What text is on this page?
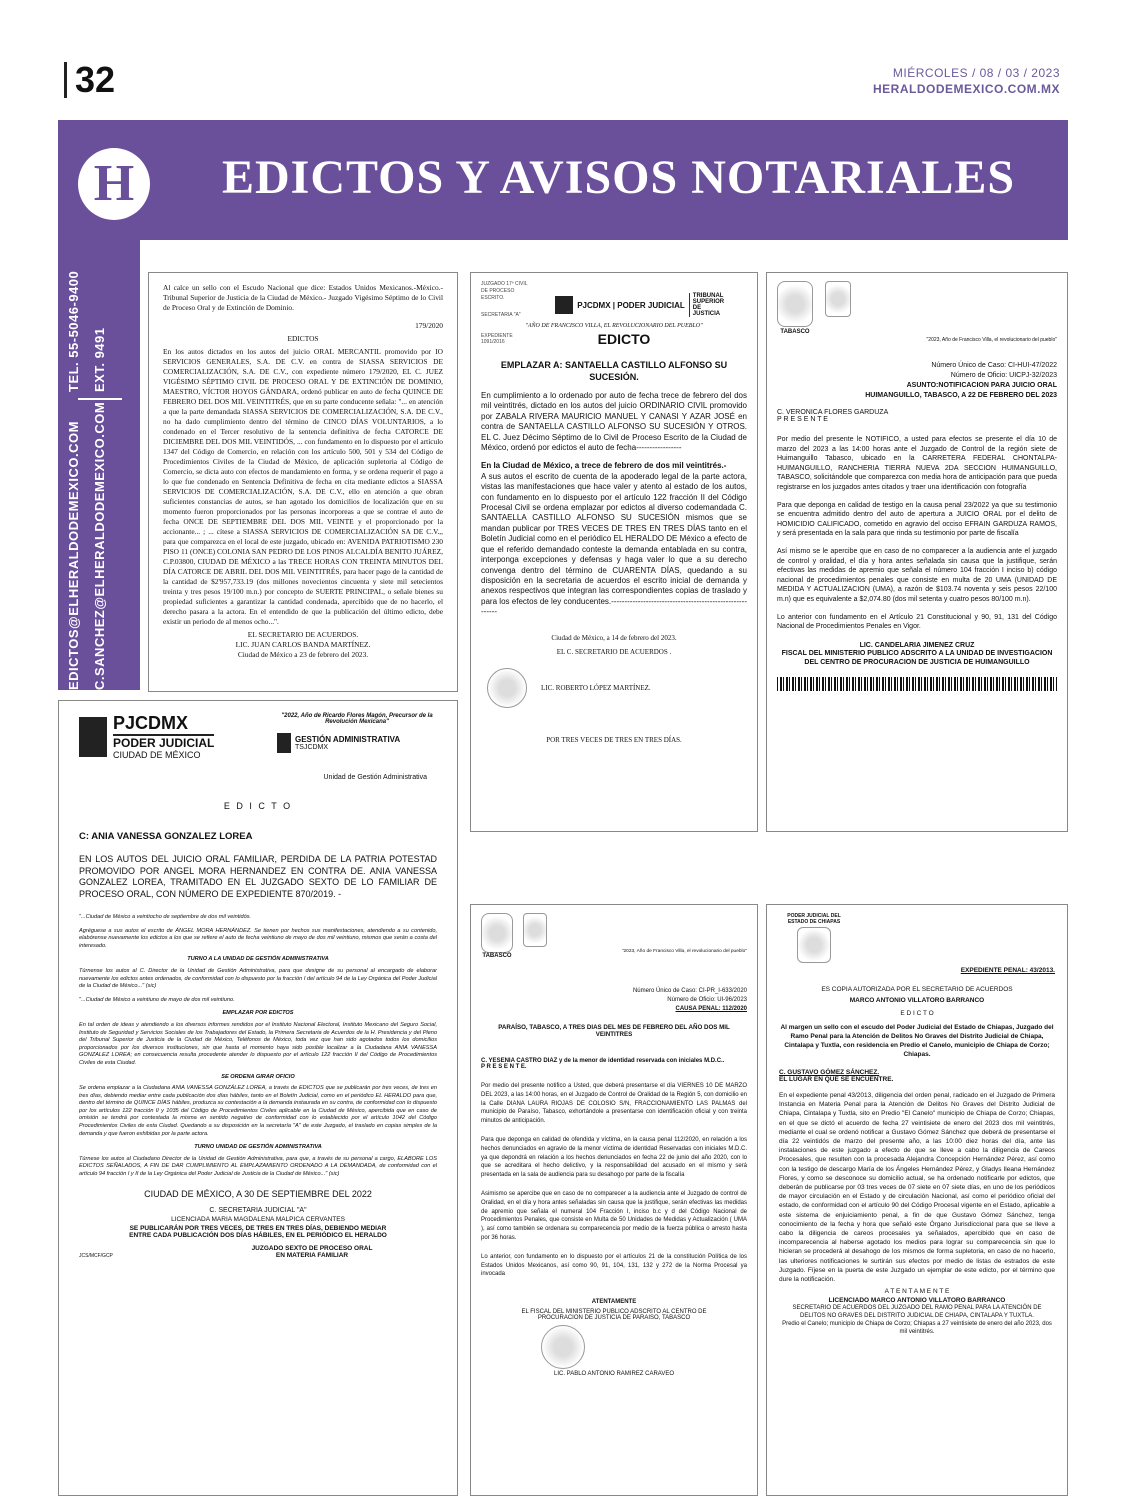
32	MIÉRCOLES / 08 / 03 / 2023
HERALDODEMEXICO.COM.MX
H	EDICTOS Y AVISOS NOTARIALES
EDICTOS@ELHERALDODEMEXICO.COM C.SANCHEZ@ELHERALDODEMEXICO.COM
TEL. 55-5046-9400 EXT. 9491
Al calce un sello con el Escudo Nacional que dice: Estados Unidos Mexicanos.-México.-Tribunal Superior de Justicia de la Ciudad de México.- Juzgado Vigésimo Séptimo de lo Civil de Proceso Oral y de Extinción de Dominio.
179/2020
EDICTOS
En los autos dictados en los autos del juicio ORAL MERCANTIL promovido por IO SERVICIOS GENERALES, S.A. DE C.V. en contra de SIASSA SERVICIOS DE COMERCIALIZACIÓN, S.A. DE C.V., con expediente número 179/2020, EL C. JUEZ VIGÉSIMO SÉPTIMO CIVIL DE PROCESO ORAL Y DE EXTINCIÓN DE DOMINIO, MAESTRO, VÍCTOR HOYOS GÁNDARA, ordenó publicar en auto de fecha QUINCE DE FEBRERO DEL DOS MIL VEINTITRÉS, que en su parte conducente señala: "... en atención a que la parte demandada SIASSA SERVICIOS DE COMERCIALIZACIÓN, S.A. DE C.V., no ha dado cumplimiento dentro del término de CINCO DÍAS VOLUNTARIOS, a lo condenado en el Tercer resolutivo de la sentencia definitiva de fecha CATORCE DE DICIEMBRE DEL DOS MIL VEINTIDÓS, ... con fundamento en lo dispuesto por el artículo 1347 del Código de Comercio, en relación con los artículo 500, 501 y 534 del Código de Procedimientos Civiles de la Ciudad de México, de aplicación supletoria al Código de Comercio, se dicta auto con efectos de mandamiento en forma, y se ordena requerir el pago a lo que fue condenado en Sentencia Definitiva de fecha en cita mediante edictos a SIASSA SERVICIOS DE COMERCIALIZACIÓN, S.A. DE C.V., ello en atención a que obran suficientes constancias de autos, se han agotado los domicilios de localización que en su momento fueron proporcionados por las personas incorporeas a que se contrae el auto de fecha ONCE DE SEPTIEMBRE DEL DOS MIL VEINTE y el proporcionado por la accionante... ; ... cítese a SIASSA SERVICIOS DE COMERCIALIZACIÓN SA DE C.V.,, para que comparezca en el local de este juzgado, ubicado en: AVENIDA PATRIOTISMO 230 PISO 11 (ONCE) COLONIA SAN PEDRO DE LOS PINOS ALCALDÍA BENITO JUÁREZ, C.P.03800, CIUDAD DE MÉXICO a las TRECE HORAS CON TREINTA MINUTOS DEL DÍA CATORCE DE ABRIL DEL DOS MIL VEINTITRÉS, para hacer pago de la cantidad de la cantidad de $2'957,733.19 (dos millones novecientos cincuenta y siete mil setecientos treinta y tres pesos 19/100 m.n.) por concepto de SUERTE PRINCIPAL, o señale bienes su propiedad suficientes a garantizar la cantidad condenada, apercibido que de no hacerlo, el derecho pasara a la actora. En el entendido de que la publicación del último edicto, debe existir un periodo de al menos ocho...".
EL SECRETARIO DE ACUERDOS.
LIC. JUAN CARLOS BANDA MARTÍNEZ.
Ciudad de México a 23 de febrero del 2023.
JUZGADO 17º CIVIL DE PROCESO ESCRITO.
SECRETARIA "A"
PJCDMX | PODER JUDICIAL
TRIBUNAL SUPERIOR DE JUSTICIA
"AÑO DE FRANCISCO VILLA, EL REVOLUCIONARIO DEL PUEBLO"
EXPEDIENTE 1091/2016	EDICTO
EMPLAZAR A: SANTAELLA CASTILLO ALFONSO SU SUCESIÓN.
En cumplimiento a lo ordenado por auto de fecha trece de febrero del dos mil veintitrés, dictado en los autos del juicio ORDINARIO CIVIL promovido por ZABALA RIVERA MAURICIO MANUEL Y CANASI Y AZAR JOSÉ en contra de SANTAELLA CASTILLO ALFONSO SU SUCESIÓN Y OTROS. EL C. Juez Décimo Séptimo de lo Civil de Proceso Escrito de la Ciudad de México, ordenó por edictos el auto de fecha-----------------
En la Ciudad de México, a trece de febrero de dos mil veintitrés.-
A sus autos el escrito de cuenta de la apoderado legal de la parte actora, vistas las manifestaciones que hace valer y atento al estado de los autos, con fundamento en lo dispuesto por el artículo 122 fracción II del Código Procesal Civil se ordena emplazar por edictos al diverso codemandada C. SANTAELLA CASTILLO ALFONSO SU SUCESIÓN mismos que se mandan publicar por TRES VECES DE TRES EN TRES DÍAS tanto en el Boletín Judicial como en el periódico EL HERALDO DE México a efecto de que el referido demandado conteste la demanda entablada en su contra, interponga excepciones y defensas y haga valer lo que a su derecho convenga dentro del término de CUARENTA DÍAS, quedando a su disposición en la secretaria de acuerdos el escrito inicial de demanda y anexos respectivos que integran las correspondientes copias de traslado y para los efectos de ley conducentes.---------------------------------------------------------
Ciudad de México, a 14 de febrero del 2023.
EL C. SECRETARIO DE ACUERDOS .
LIC. ROBERTO LÓPEZ MARTÍNEZ.
POR TRES VECES DE TRES EN TRES DÍAS.
TABASCO
"2023, Año de Francisco Villa, el revolucionario del pueblo"
Número Único de Caso: CI-HUI-47/2022
Número de Oficio: UICPJ-32/2023
ASUNTO:NOTIFICACION PARA JUICIO ORAL
HUIMANGUILLO, TABASCO, A 22 DE FEBRERO DEL 2023
C. VERONICA FLORES GARDUZA
P R E S E N T E
Por medio del presente le NOTIFICO, a usted para efectos se presente el día 10 de marzo del 2023 a las 14:00 horas ante el Juzgado de Control de la región siete de Huimanguillo Tabasco, ubicado en la CARRETERA FEDERAL CHONTALPA-HUIMANGUILLO, RANCHERIA TIERRA NUEVA 2DA SECCION HUIMANGUILLO, TABASCO, solicitándole que comparezca con media hora de anticipación para que pueda registrarse en los juzgados antes citados y traer una identificación con fotografía
Para que deponga en calidad de testigo en la causa penal 23/2022 ya que su testimonio se encuentra admitido dentro del auto de apertura a JUICIO ORAL por el delito de HOMICIDIO CALIFICADO, cometido en agravio del occiso EFRAIN GARDUZA RAMOS, y será presentada en la sala para que rinda su testimonio por parte de fiscalía
Así mismo se le apercibe que en caso de no comparecer a la audiencia ante el juzgado de control y oralidad, el día y hora antes señalada sin causa que la justifique, serán efectivas las medidas de apremio que señala el número 104 fracción I inciso b) código nacional de procedimientos penales que consiste en multa de 20 UMA (UNIDAD DE MEDIDA Y ACTUALIZACION (UMA), a razón de $103.74 noventa y seis pesos 22/100 m.n) que es equivalente a $2,074.80 (dos mil setenta y cuatro pesos 80/100 m.n).
Lo anterior con fundamento en el Artículo 21 Constitucional y 90, 91, 131 del Código Nacional de Procedimientos Penales en Vigor.
LIC. CANDELARIA JIMENEZ CRUZ
FISCAL DEL MINISTERIO PUBLICO ADSCRITO A LA UNIDAD DE INVESTIGACION DEL CENTRO DE PROCURACION DE JUSTICIA DE HUIMANGUILLO
PJCDMX
PODER JUDICIAL
CIUDAD DE MÉXICO
"2022, Año de Ricardo Flores Magón, Precursor de la Revolución Mexicana"
GESTIÓN ADMINISTRATIVA
TSJCDMX
Unidad de Gestión Administrativa
E D I C T O
C: ANIA VANESSA GONZALEZ LOREA
EN LOS AUTOS DEL JUICIO ORAL FAMILIAR, PERDIDA DE LA PATRIA POTESTAD PROMOVIDO POR ANGEL MORA HERNANDEZ EN CONTRA DE. ANIA VANESSA GONZALEZ LOREA, TRAMITADO EN EL JUZGADO SEXTO DE LO FAMILIAR DE PROCESO ORAL, CON NÚMERO DE EXPEDIENTE 870/2019. -
"...Ciudad de México a veintiocho de septiembre de dos mil veintidós.
Agréguese a sus autos el escrito de ÁNGEL MORA HERNÁNDEZ. Se tienen por hechos sus manifestaciones, atendiendo a su contenido, elabórense nuevamente los edictos a los que se refiere el auto de fecha veintiuno de mayo de dos mil veintiuno, mismos que serán a costa del interesado.
TURNO A LA UNIDAD DE GESTIÓN ADMINISTRATIVA
Túrnense los autos al C. Director de la Unidad de Gestión Administrativa, para que designe de su personal al encargado de elaborar nuevamente los edictos antes ordenados, de conformidad con lo dispuesto por la fracción I del artículo 94 de la Ley Orgánica del Poder Judicial de la Ciudad de México..." (sic)
"...Ciudad de México a veintiuno de mayo de dos mil veintiuno.
EMPLAZAR POR EDICTOS
En tal orden de ideas y atendiendo a los diversos informes rendidos por el Instituto Nacional Electoral, Instituto Mexicano del Seguro Social, Instituto de Seguridad y Servicios Sociales de los Trabajadores del Estado, la Primera Secretaria de Acuerdos de la H. Presidencia y del Pleno del Tribunal Superior de Justicia de la Ciudad de México, Teléfonos de México, toda vez que han sido agotados todos los domicilios proporcionados por los diversos instituciones, sin que hasta el momento haya sido posible localizar a la Ciudadana ANIA VANESSA GONZALEZ LOREA; en consecuencia resulta procedente atender lo dispuesto por el artículo 122 fracción II del Código de Procedimientos Civiles de esta Ciudad.
SE ORDENA GIRAR OFICIO
Se ordena emplazar a la Ciudadana ANIA VANESSA GONZÁLEZ LOREA, a través de EDICTOS que se publicarán por tres veces, de tres en tres días, debiendo mediar entre cada publicación dos días hábiles, tanto en el Boletín Judicial, como en el periódico EL HERALDO para que, dentro del término de QUINCE DÍAS hábiles, produzca su contestación a la demanda instaurada en su contra, de conformidad con lo dispuesto por los artículos 122 fracción II y 1035 del Código de Procedimientos Civiles aplicable en la Ciudad de México, apercibida que en caso de omisión se tendrá por contestada la misma en sentido negativo de conformidad con lo establecido por el artículo 1042 del Código Procedimientos Civiles de esta Ciudad. Quedando a su disposición en la secretaría "A" de este Juzgado, el traslado en copias simples de la demanda y que fueron exhibidas por la parte actora.
TURNO UNIDAD DE GESTIÓN ADMINISTRATIVA
Túrnese los autos al Ciudadano Director de la Unidad de Gestión Administrativa, para que, a través de su personal a cargo, ELABORE LOS EDICTOS SEÑALADOS, A FIN DE DAR CUMPLIMIENTO AL EMPLAZAMIENTO ORDENADO A LA DEMANDADA, de conformidad con el artículo 94 fracción I y II de la Ley Orgánica del Poder Judicial de Justicia de la Ciudad de México..." (sic)
CIUDAD DE MÉXICO, A 30 DE SEPTIEMBRE DEL 2022
C. SECRETARIA JUDICIAL "A"
LICENCIADA MARIA MAGDALENA MALPICA CERVANTES
SE PUBLICARÁN POR TRES VECES, DE TRES EN TRES DÍAS, DEBIENDO MEDIAR ENTRE CADA PUBLICACIÓN DOS DÍAS HÁBILES, EN EL PERIÓDICO EL HERALDO
JCS/MCF/GCP
JUZGADO SEXTO DE PROCESO ORAL EN MATERIA FAMILIAR
TABASCO
"2023, Año de Francisco Villa, el revolucionario del pueblo"
Número Único de Caso: CI-PR_I-633/2020
Número de Oficio: UI-96/2023
CAUSA PENAL: 112/2020
PARAÍSO, TABASCO, A TRES DIAS DEL MES DE FEBRERO DEL AÑO DOS MIL VEINTITRES
C. YESENIA CASTRO DIAZ y de la menor de identidad reservada con iniciales M.D.C..
P R E S E N T E.
Por medio del presente notifico a Usted, que deberá presentarse el día VIERNES 10 DE MARZO DEL 2023, a las 14:00 horas, en el Juzgado de Control de Oralidad de la Región 5, con domicilio en la Calle DIANA LAURA RIOJAS DE COLOSIO S/N, FRACCIONAMIENTO LAS PALMAS del municipio de Paraíso, Tabasco, exhortándole a presentarse con identificación oficial y con treinta minutos de anticipación.
Para que deponga en calidad de ofendida y víctima, en la causa penal 112/2020, en relación a los hechos denunciados en agravio de la menor víctima de identidad Reservadas con iniciales M.D.C. ya que depondrá en relación a los hechos denunciados en fecha 22 de junio del año 2020, con lo que se acreditara el hecho delictivo, y la responsabilidad del acusado en el mismo y será presentada en la sala de audiencia para su desahogo por parte de la fiscalía
Asimismo se apercibe que en caso de no comparecer a la audiencia ante el Juzgado de control de Oralidad, en el día y hora antes señaladas sin causa que la justifique, serán efectivas las medidas de apremio que señala el numeral 104 Fracción I, inciso b.c y d del Código Nacional de Procedimientos Penales, que consiste en Multa de 50 Unidades de Medidas y Actualización ( UMA ), así como también se ordenara su comparecencia por medio de la fuerza pública o arresto hasta por 36 horas.
Lo anterior, con fundamento en lo dispuesto por el artículos 21 de la constitución Política de los Estados Unidos Mexicanos, así como 90, 91, 104, 131, 132 y 272 de la Norma Procesal ya invocada
ATENTAMENTE
EL FISCAL DEL MINISTERIO PUBLICO ADSCRITO AL CENTRO DE PROCURACION DE JUSTICIA DE PARAISO, TABASCO
LIC. PABLO ANTONIO RAMIREZ CARAVEO
PODER JUDICIAL DEL ESTADO DE CHIAPAS
EXPEDIENTE PENAL: 43/2013.
ES COPIA AUTORIZADA POR EL SECRETARIO DE ACUERDOS
MARCO ANTONIO VILLATORO BARRANCO
E D I C T O
Al margen un sello con el escudo del Poder Judicial del Estado de Chiapas, Juzgado del Ramo Penal para la Atención de Delitos No Graves del Distrito Judicial de Chiapa, Cintalapa y Tuxtla, con residencia en Predio el Canelo, municipio de Chiapa de Corzo; Chiapas.
C. GUSTAVO GÓMEZ SÁNCHEZ.
EL LUGAR EN QUE SE ENCUENTRE.
En el expediente penal 43/2013, diligencia del orden penal, radicado en el Juzgado de Primera Instancia en Materia Penal para la Atención de Delitos No Graves del Distrito Judicial de Chiapa, Cintalapa y Tuxtla, sito en Predio "El Canelo" municipio de Chiapa de Corzo; Chiapas, en el que se dictó el acuerdo de fecha 27 veintisiete de enero del 2023 dos mil veintitrés, mediante el cual se ordenó notificar a Gustavo Gómez Sánchez que deberá de presentarse el día 22 veintidós de marzo del presente año, a las 10:00 diez horas del día, ante las instalaciones de este juzgado a efecto de que se lleve a cabo la diligencia de Careos Procesales, que resulten con la procesada Alejandra Concepción Hernández Pérez, así como con la testigo de descargo María de los Ángeles Hernández Pérez, y Gladys Ileana Hernández Flores, y como se desconoce su domicilio actual, se ha ordenado notificarle por edictos, que deberán de publicarse por 03 tres veces de 07 siete en 07 siete días, en uno de los periódicos de mayor circulación en el Estado y de circulación Nacional, así como el periódico oficial del estado, de conformidad con el artículo 90 del Código Procesal vigente en el Estado, aplicable a este sistema de enjuiciamiento penal, a fin de que Gustavo Gómez Sánchez, tenga conocimiento de la fecha y hora que señaló este Órgano Jurisdiccional para que se lleve a cabo la diligencia de careos procesales ya señalados, apercibido que en caso de incomparecencia al haberse agotado los medios para lograr su comparecencia sin que lo hicieran se procederá al desahogo de los mismos de forma supletoria, en caso de no hacerlo, las ulteriores notificaciones le surtirán sus efectos por medio de listas de estrados de este Juzgado. Fíjese en la puerta de este Juzgado un ejemplar de este edicto, por el término que dure la notificación.
A T E N T A M E N T E
LICENCIADO MARCO ANTONIO VILLATORO BARRANCO
SECRETARIO DE ACUERDOS DEL JUZGADO DEL RAMO PENAL PARA LA ATENCIÓN DE DELITOS NO GRAVES DEL DISTRITO JUDICIAL DE CHIAPA, CINTALAPA Y TUXTLA.
Predio el Canelo; municipio de Chiapa de Corzo; Chiapas a 27 veintisiete de enero del año 2023, dos mil veintitrés.
